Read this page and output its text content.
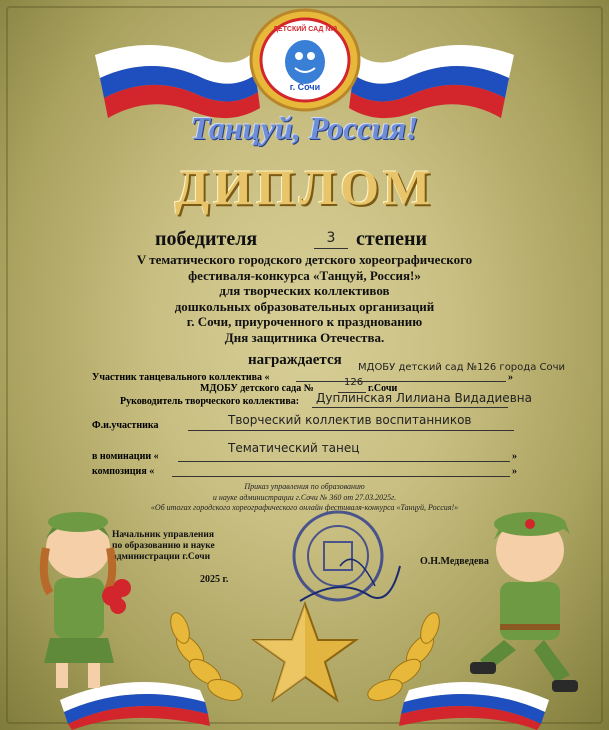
ДЕТСКИЙ САД №9
г. Сочи
Танцуй, Россия!
ДИПЛОМ
победителя	3	степени
V тематического городского детского хореографического
фестиваля-конкурса «Танцуй, Россия!»
для творческих коллективов
дошкольных образовательных организаций
г. Сочи, приуроченного к празднованию
Дня защитника Отечества.
награждается
Участник танцевального коллектива «
МДОБУ детский сад №126 города Сочи
»
МДОБУ детского сада №
126
г.Сочи
Руководитель творческого коллектива: Дуплинская Лилиана Видадиевна
Ф.и.участника	Творческий коллектив воспитанников
в номинации «
Тематический танец
»
композиция «	»
Приказ управления по образованию
и науке администрации г.Сочи № 360 от 27.03.2025г.
«Об итогах городского хореографического онлайн фестиваля-конкурса «Танцуй, Россия!»
Начальник управления
по образованию и науке
администрации г.Сочи
2025 г.
О.Н.Медведева
